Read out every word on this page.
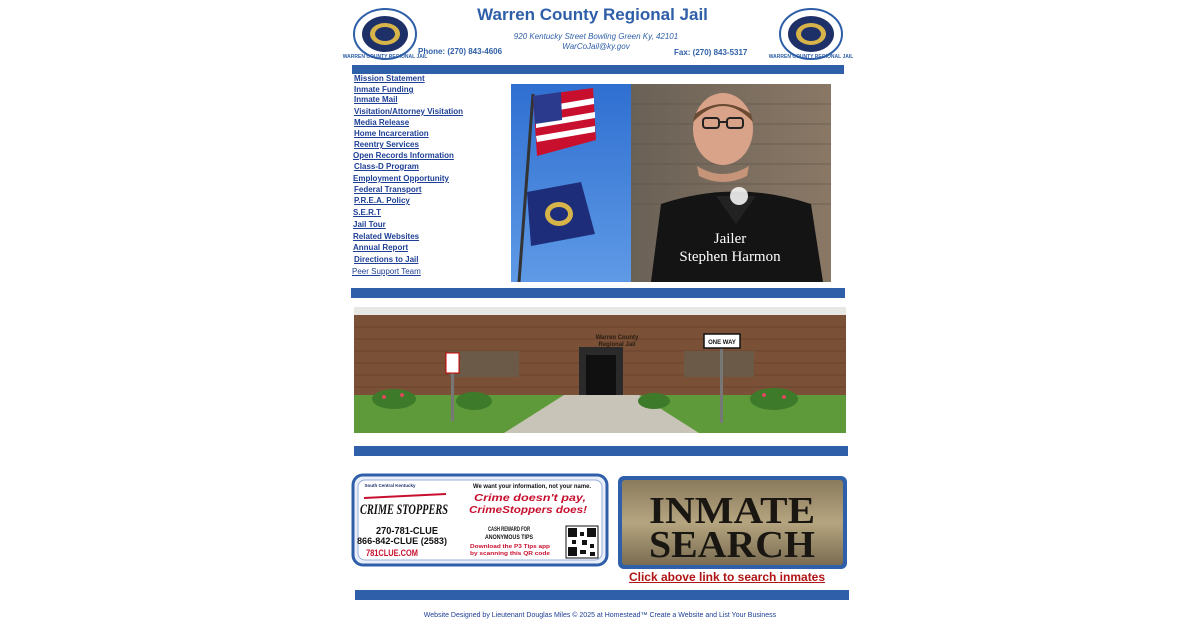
WARREN COUNTY REGIONAL JAIL	WARREN COUNTY REGIONAL JAIL
Warren County Regional Jail
920 Kentucky Street Bowling Green Ky, 42101
WarCoJail@ky.gov
Phone: (270) 843-4606	Fax: (270) 843-5317
Mission Statement
Inmate Funding
Inmate Mail
Visitation/Attorney Visitation
Media Release
Home Incarceration
Reentry Services
Open Records Information
Class-D Program
Employment Opportunity
Federal Transport
P.R.E.A. Policy
S.E.R.T
Jail Tour
Related Websites
Annual Report
Directions to Jail
Peer Support Team
Jailer
Stephen Harmon
Warren County
Regional Jail	ONE WAY
South Central Kentucky
CRIME STOPPERS
We want your information, not your name.
Crime doesn't pay,
CrimeStoppers does!
270-781-CLUE
866-842-CLUE (2583)
781CLUE.COM
CASH REWARD FOR
ANONYMOUS TIPS
Download the P3 Tips app
by scanning this QR code
INMATE
SEARCH
Click above link to search inmates
Website Designed by Lieutenant Douglas Miles © 2025 at Homestead™ Create a Website and List Your Business
